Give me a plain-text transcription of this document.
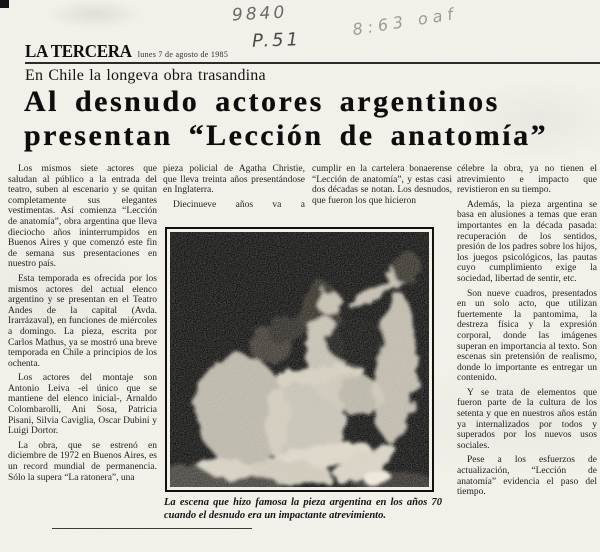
9840	8:63 oaf
P.51
LA TERCERA lunes 7 de agosto de 1985
En Chile la longeva obra trasandina
Al desnudo actores argentinos
presentan “Lección de anatomía”

Los mismos siete actores que saludan al público a la entrada del teatro, suben al escenario y se quitan completamente sus elegantes vestimentas. Así comienza “Lección de anatomía”, obra argentina que lleva dieciocho años ininterrumpidos en Buenos Aires y que comenzó este fin de semana sus presentaciones en nuestro país.

Esta temporada es ofrecida por los mismos actores del actual elenco argentino y se presentan en el Teatro Andes de la capital (Avda. Irarrázaval), en funciones de miércoles a domingo. La pieza, escrita por Carlos Mathus, ya se mostró una breve temporada en Chile a principios de los ochenta.

Los actores del montaje son Antonio Leiva -el único que se mantiene del elenco inicial-, Arnaldo Colombarolli, Ani Sosa, Patricia Pisani, Silvia Caviglia, Oscar Dubini y Luigi Dortor.

La obra, que se estrenó en diciembre de 1972 en Buenos Aires, es un record mundial de permanencia. Sólo la supera “La ratonera”, una

pieza policial de Agatha Christie, que lleva treinta años presentándose en Inglaterra.

Diecinueve años va a

cumplir en la cartelera bonaerense “Lección de anatomía”, y estas casi dos décadas se notan. Los desnudos, que fueron los que hicieron

célebre la obra, ya no tienen el atrevimiento e impacto que revistieron en su tiempo.

Además, la pieza argentina se basa en alusiones a temas que eran importantes en la década pasada: recuperación de los sentidos, presión de los padres sobre los hijos, los juegos psicológicos, las pautas cuyo cumplimiento exige la sociedad, libertad de sentir, etc.

Son nueve cuadros, presentados en un solo acto, que utilizan fuertemente la pantomima, la destreza física y la expresión corporal, donde las imágenes superan en importancia al texto. Son escenas sin pretensión de realismo, donde lo importante es entregar un contenido.

Y se trata de elementos que fueron parte de la cultura de los setenta y que en nuestros años están ya internalizados por todos y superados por los nuevos usos sociales.

Pese a los esfuerzos de actualización, “Lección de anatomía” evidencia el paso del tiempo.

La escena que hizo famosa la pieza argentina en los años 70 cuando el desnudo era un impactante atrevimiento.
